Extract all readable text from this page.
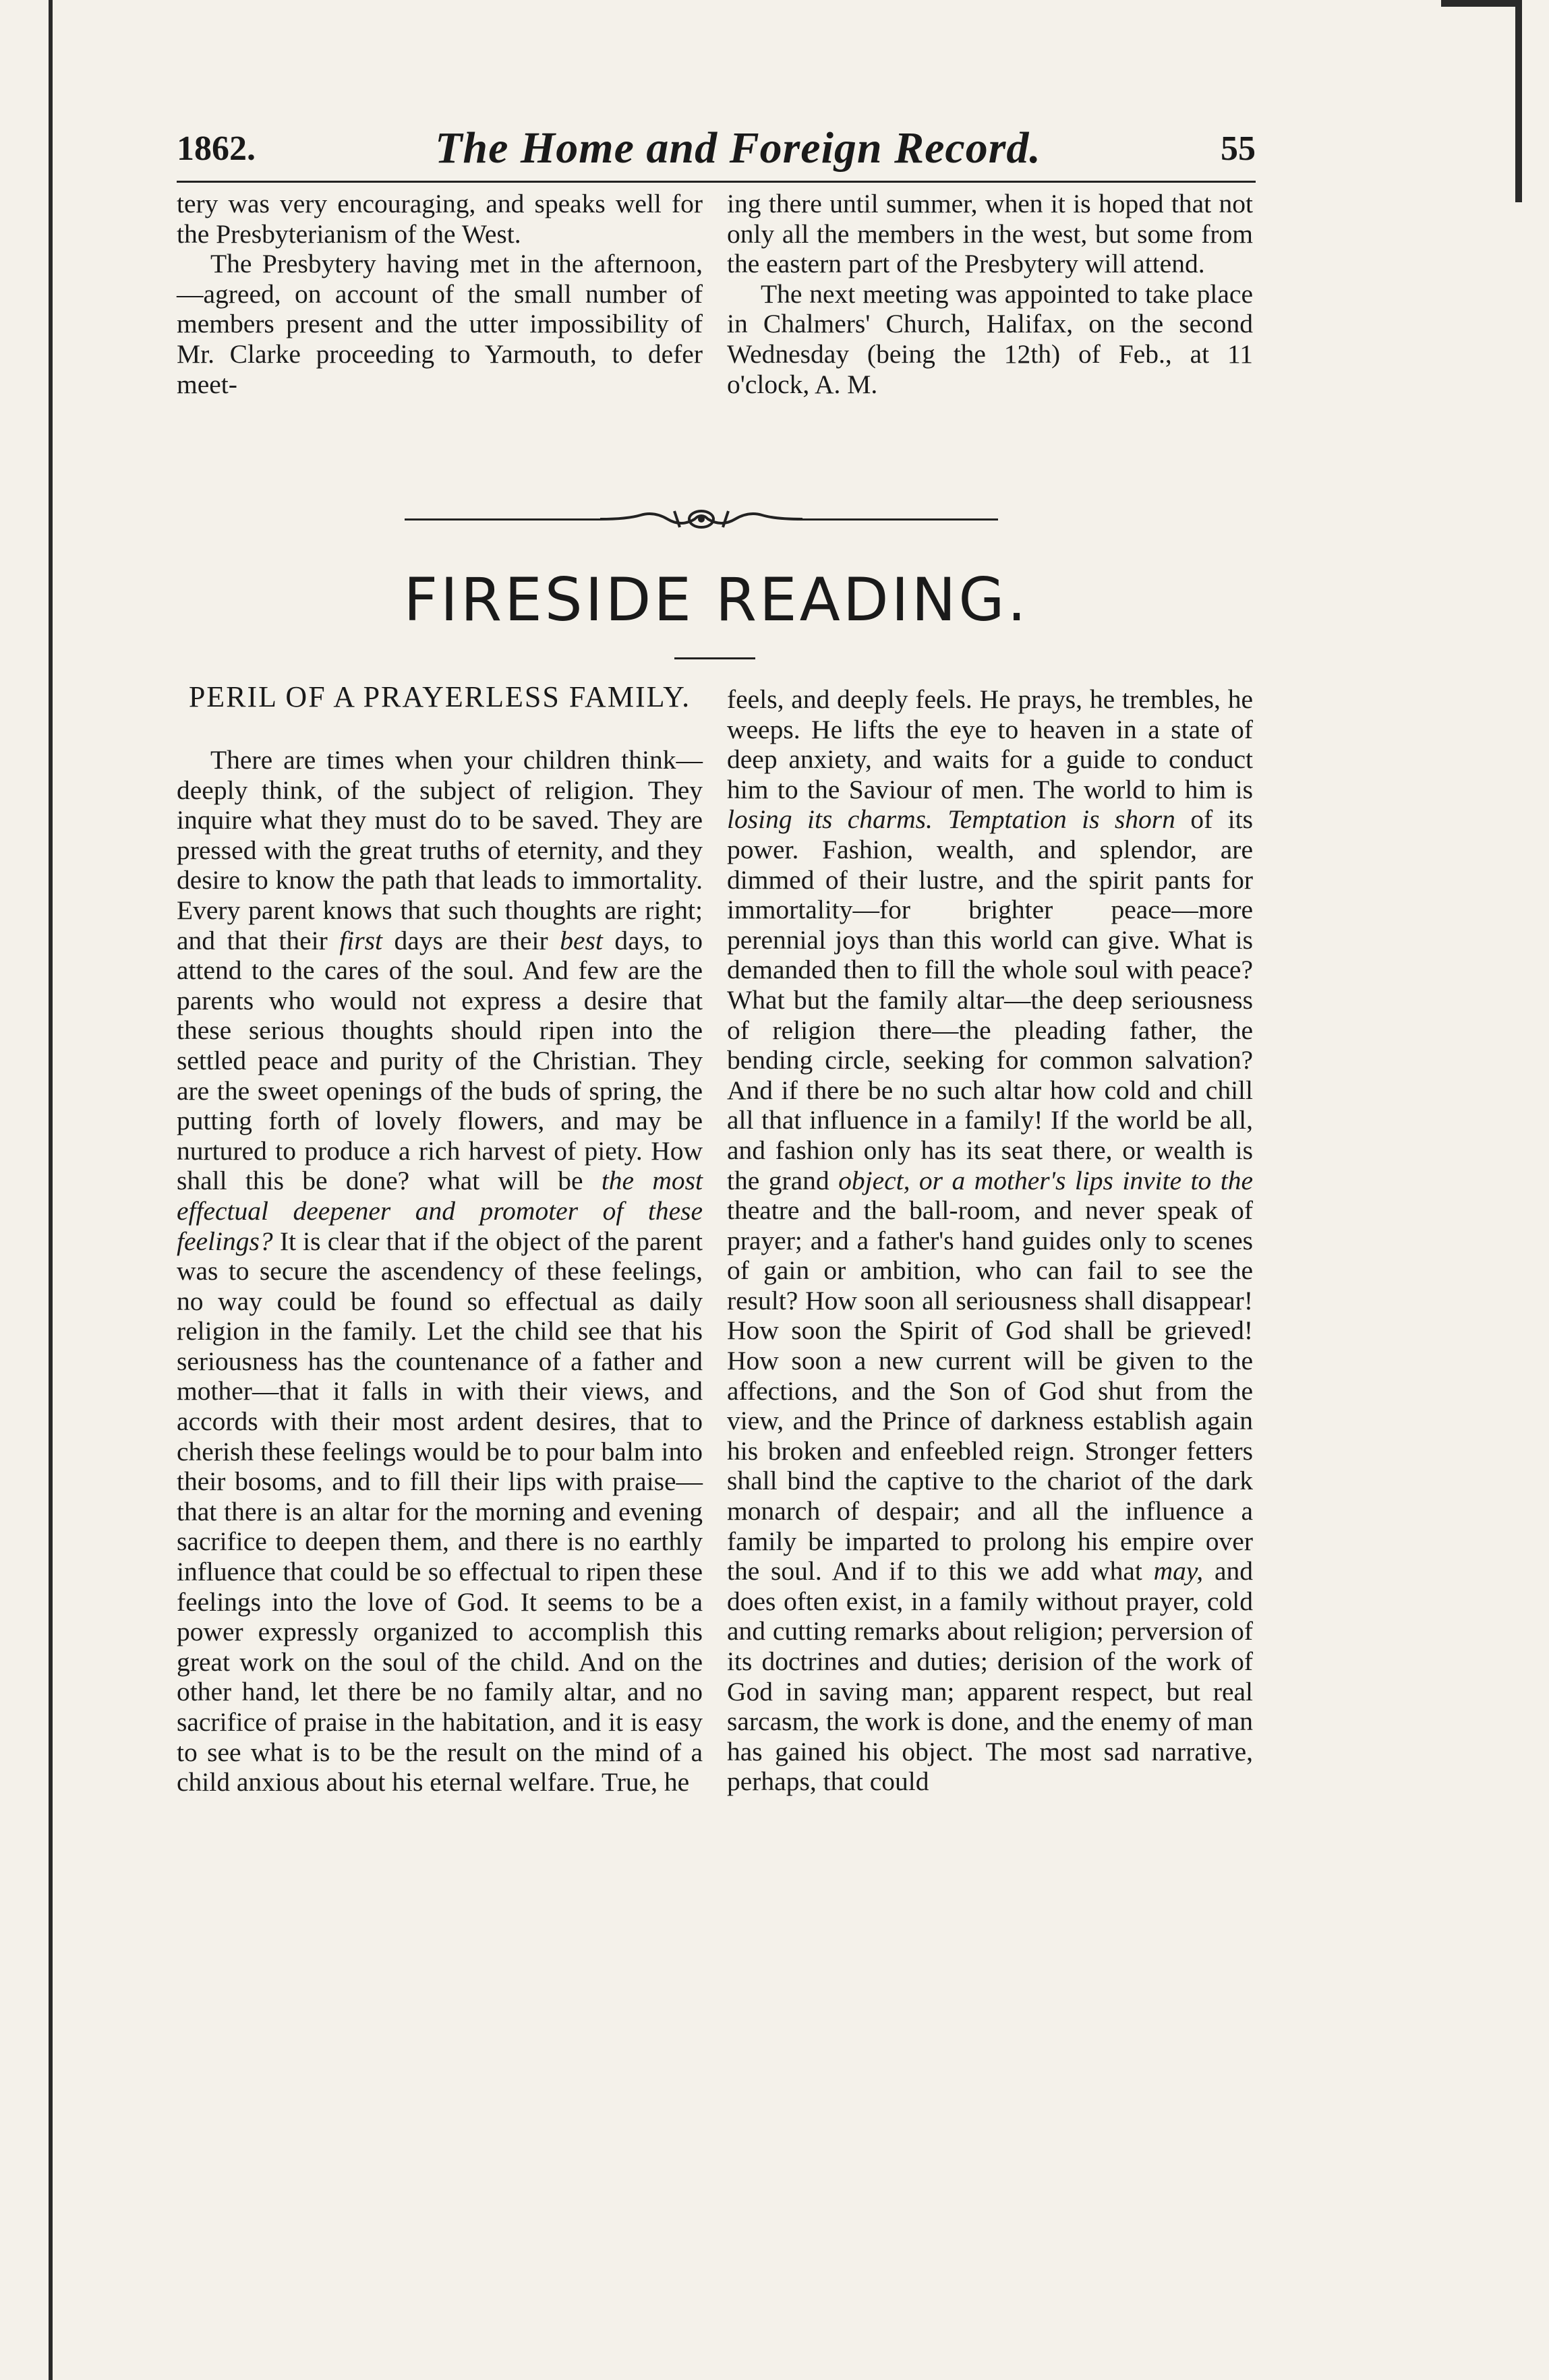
1862.	The Home and Foreign Record.	55

tery was very encouraging, and speaks well for the Presbyterianism of the West.

The Presbytery having met in the afternoon,—agreed, on account of the small number of members present and the utter impossibility of Mr. Clarke proceeding to Yarmouth, to defer meet-

ing there until summer, when it is hoped that not only all the members in the west, but some from the eastern part of the Presbytery will attend.

The next meeting was appointed to take place in Chalmers' Church, Halifax, on the second Wednesday (being the 12th) of Feb., at 11 o'clock, A. M.

FIRESIDE READING.
PERIL OF A PRAYERLESS FAMILY.

There are times when your children think—deeply think, of the subject of religion. They inquire what they must do to be saved. They are pressed with the great truths of eternity, and they desire to know the path that leads to immortality. Every parent knows that such thoughts are right; and that their first days are their best days, to attend to the cares of the soul. And few are the parents who would not express a desire that these serious thoughts should ripen into the settled peace and purity of the Christian. They are the sweet openings of the buds of spring, the putting forth of lovely flowers, and may be nurtured to produce a rich harvest of piety. How shall this be done? what will be the most effectual deepener and promoter of these feelings? It is clear that if the object of the parent was to secure the ascendency of these feelings, no way could be found so effectual as daily religion in the family. Let the child see that his seriousness has the countenance of a father and mother—that it falls in with their views, and accords with their most ardent desires, that to cherish these feelings would be to pour balm into their bosoms, and to fill their lips with praise—that there is an altar for the morning and evening sacrifice to deepen them, and there is no earthly influence that could be so effectual to ripen these feelings into the love of God. It seems to be a power expressly organized to accomplish this great work on the soul of the child. And on the other hand, let there be no family altar, and no sacrifice of praise in the habitation, and it is easy to see what is to be the result on the mind of a child anxious about his eternal welfare. True, he

feels, and deeply feels. He prays, he trembles, he weeps. He lifts the eye to heaven in a state of deep anxiety, and waits for a guide to conduct him to the Saviour of men. The world to him is losing its charms. Temptation is shorn of its power. Fashion, wealth, and splendor, are dimmed of their lustre, and the spirit pants for immortality—for brighter peace—more perennial joys than this world can give. What is demanded then to fill the whole soul with peace? What but the family altar—the deep seriousness of religion there—the pleading father, the bending circle, seeking for common salvation? And if there be no such altar how cold and chill all that influence in a family! If the world be all, and fashion only has its seat there, or wealth is the grand object, or a mother's lips invite to the theatre and the ball-room, and never speak of prayer; and a father's hand guides only to scenes of gain or ambition, who can fail to see the result? How soon all seriousness shall disappear! How soon the Spirit of God shall be grieved! How soon a new current will be given to the affections, and the Son of God shut from the view, and the Prince of darkness establish again his broken and enfeebled reign. Stronger fetters shall bind the captive to the chariot of the dark monarch of despair; and all the influence a family be imparted to prolong his empire over the soul. And if to this we add what may, and does often exist, in a family without prayer, cold and cutting remarks about religion; perversion of its doctrines and duties; derision of the work of God in saving man; apparent respect, but real sarcasm, the work is done, and the enemy of man has gained his object. The most sad narrative, perhaps, that could
